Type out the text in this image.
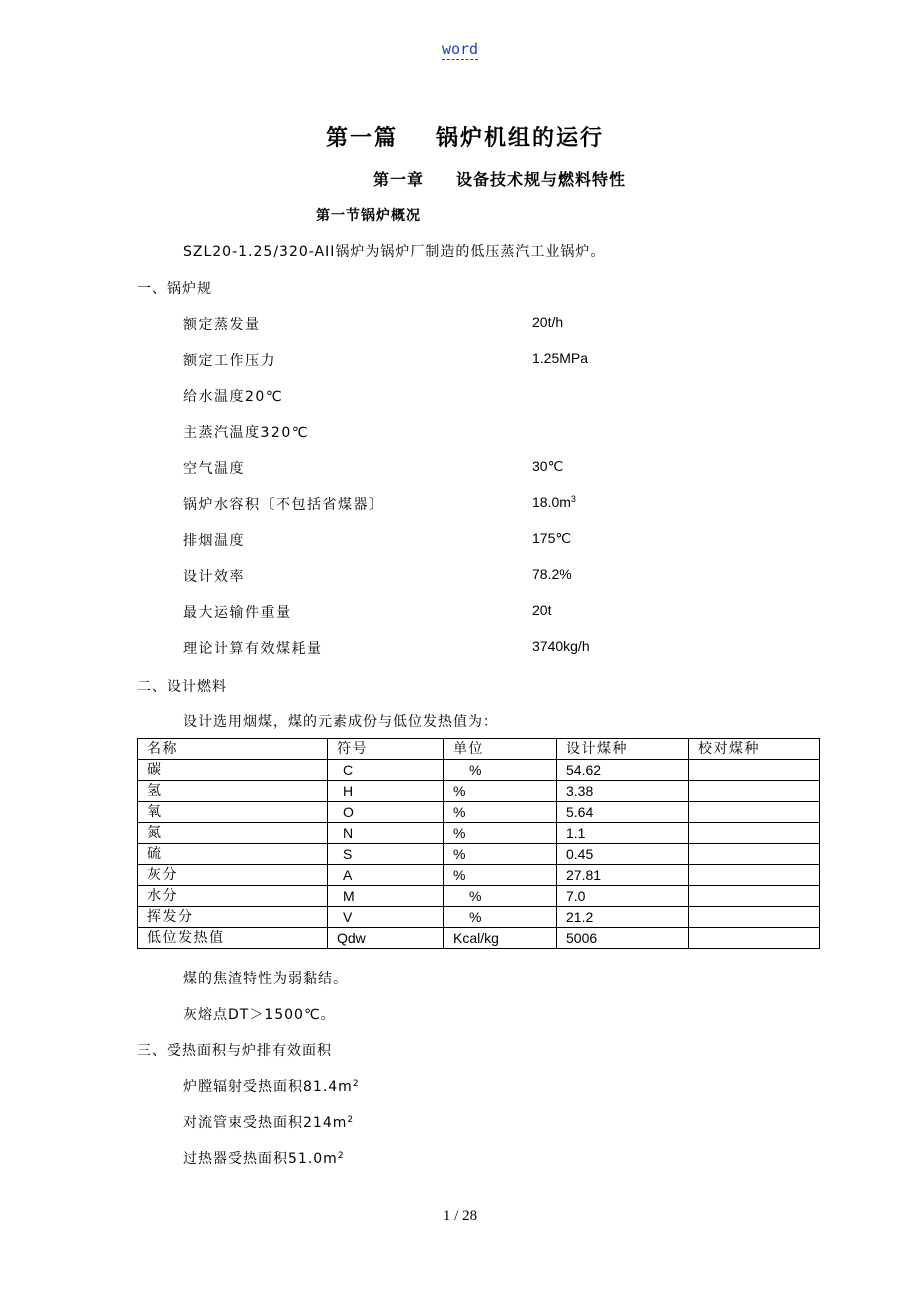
word
第一篇 锅炉机组的运行
第一章 设备技术规与燃料特性
第一节锅炉概况
SZL20-1.25/320-AII锅炉为锅炉厂制造的低压蒸汽工业锅炉。
一、锅炉规
额定蒸发量	20t/h
额定工作压力	1.25MPa
给水温度20℃
主蒸汽温度320℃
空气温度	30℃
锅炉水容积〔不包括省煤器〕	$18.0m^3$
排烟温度	175℃
设计效率	78.2%
最大运输件重量	20t
理论计算有效煤耗量	3740kg/h
二、设计燃料
设计选用烟煤，煤的元素成份与低位发热值为：
名称	符号	单位	设计煤种	校对煤种
碳	C	%	54.62	
氢	H	%	3.38	
氧	O	%	5.64	
氮	N	%	1.1	
硫	S	%	0.45	
灰分	A	%	27.81	
水分	M	%	7.0	
挥发分	V	%	21.2	
低位发热值	Qdw	Kcal/kg	5006	
煤的焦渣特性为弱黏结。
灰熔点DT＞1500℃。
三、受热面积与炉排有效面积
炉膛辐射受热面积$81.4m^2$
对流管束受热面积$214m^2$
过热器受热面积$51.0m^2$
1 / 28
